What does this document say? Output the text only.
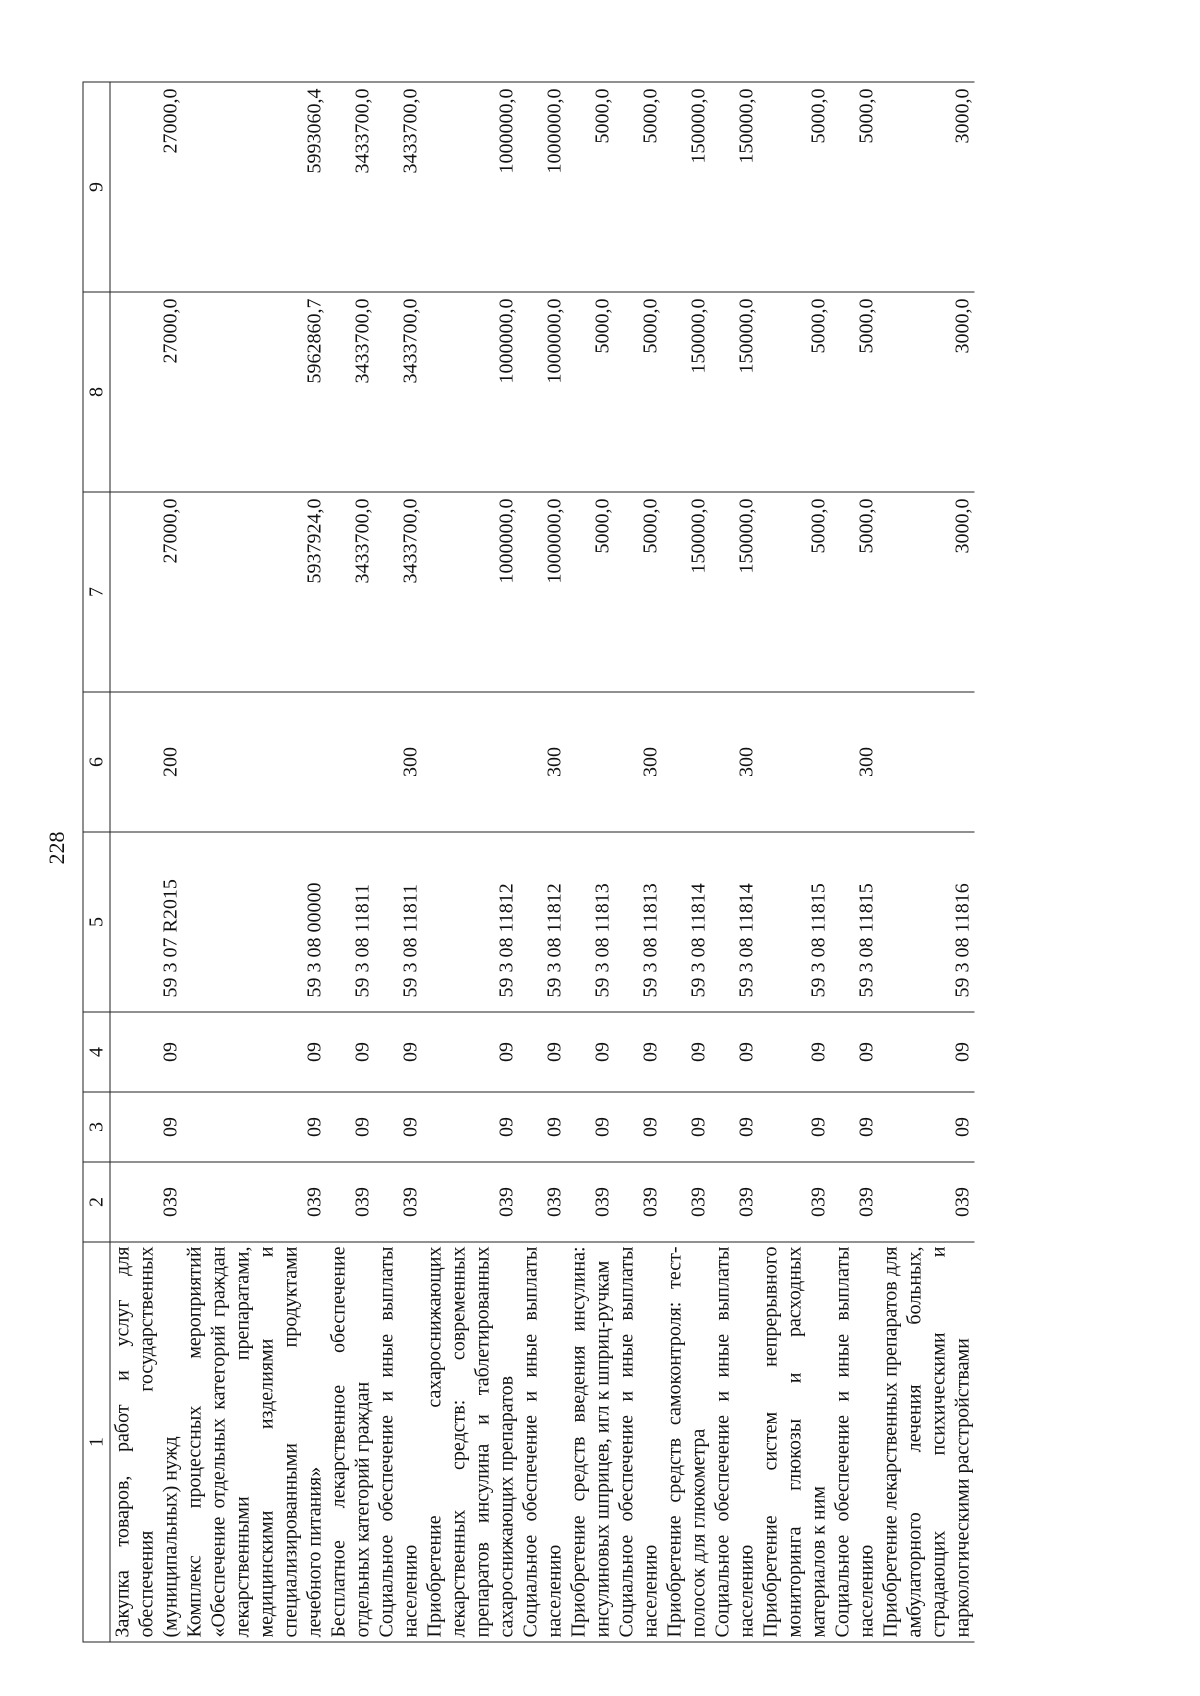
228
1	2	3	4	5	6	7	8	9
Закупка товаров, работ и услуг для обеспечения государственных (муниципальных) нужд	039	09	09	59 3 07 R2015	200	27000,0	27000,0	27000,0
Комплекс процессных мероприятий «Обеспечение отдельных категорий граждан лекарственными препаратами, медицинскими изделиями и специализированными продуктами лечебного питания»	039	09	09	59 3 08 00000		5937924,0	5962860,7	5993060,4
Бесплатное лекарственное обеспечение отдельных категорий граждан	039	09	09	59 3 08 11811		3433700,0	3433700,0	3433700,0
Социальное обеспечение и иные выплаты населению	039	09	09	59 3 08 11811	300	3433700,0	3433700,0	3433700,0
Приобретение сахароснижающих лекарственных средств: современных препаратов инсулина и таблетированных сахароснижающих препаратов	039	09	09	59 3 08 11812		1000000,0	1000000,0	1000000,0
Социальное обеспечение и иные выплаты населению	039	09	09	59 3 08 11812	300	1000000,0	1000000,0	1000000,0
Приобретение средств введения инсулина: инсулиновых шприцев, игл к шприц-ручкам	039	09	09	59 3 08 11813		5000,0	5000,0	5000,0
Социальное обеспечение и иные выплаты населению	039	09	09	59 3 08 11813	300	5000,0	5000,0	5000,0
Приобретение средств самоконтроля: тест-полосок для глюкометра	039	09	09	59 3 08 11814		150000,0	150000,0	150000,0
Социальное обеспечение и иные выплаты населению	039	09	09	59 3 08 11814	300	150000,0	150000,0	150000,0
Приобретение систем непрерывного мониторинга глюкозы и расходных материалов к ним	039	09	09	59 3 08 11815		5000,0	5000,0	5000,0
Социальное обеспечение и иные выплаты населению	039	09	09	59 3 08 11815	300	5000,0	5000,0	5000,0
Приобретение лекарственных препаратов для амбулаторного лечения больных, страдающих психическими и наркологическими расстройствами	039	09	09	59 3 08 11816		3000,0	3000,0	3000,0
